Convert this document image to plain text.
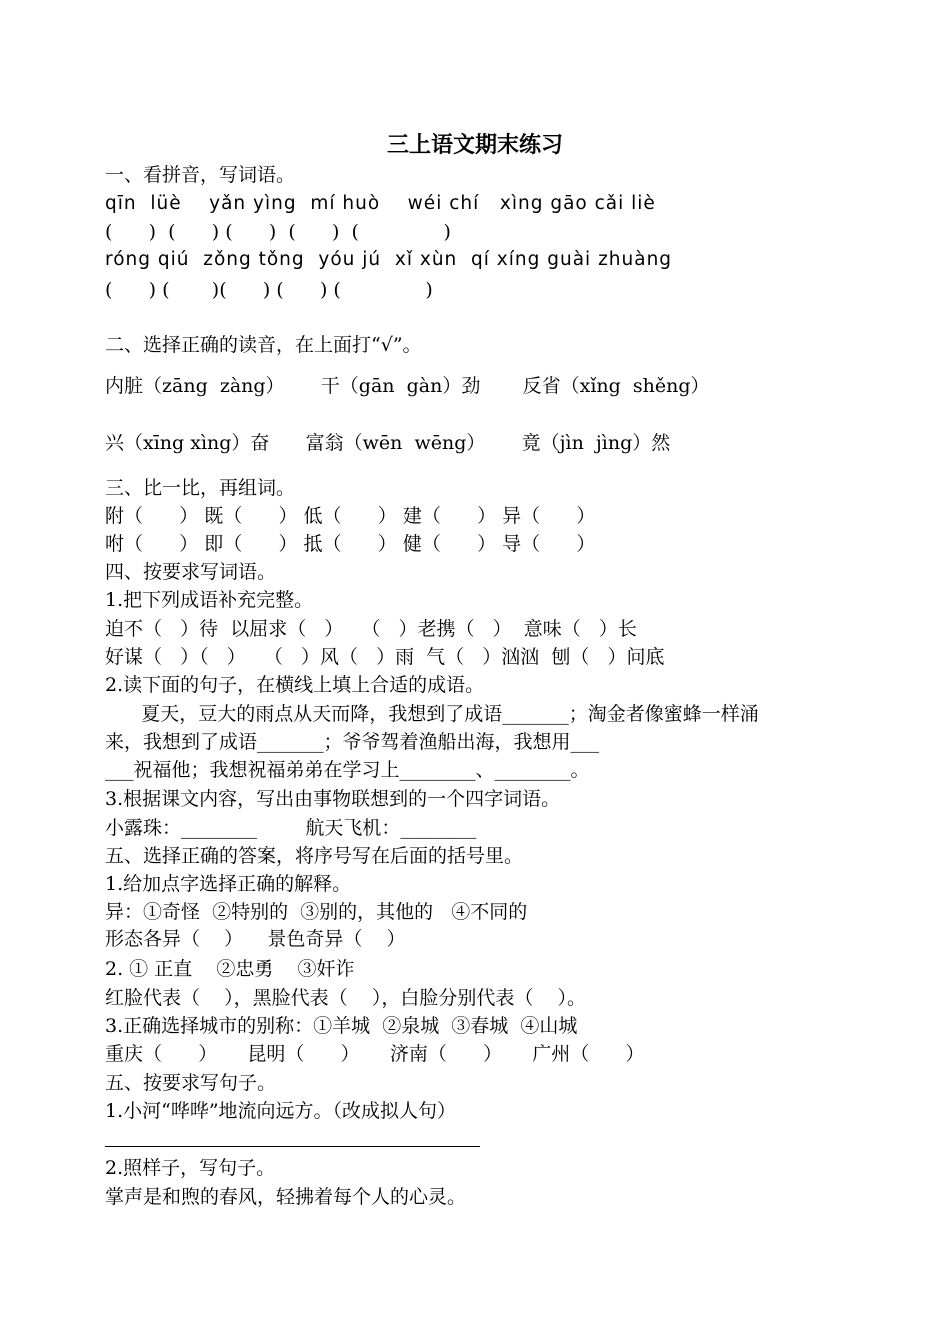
三上语文期末练习
一、看拼音，写词语。
qīn  lüè    yǎn yìng  mí huò    wéi chí   xìng gāo cǎi liè
(      )  (      ) (      )  (      )  (              )
róng qiú  zǒng tǒng  yóu jú  xǐ xùn  qí xíng guài zhuàng
(      ) (       )(      ) (      ) (              )
二、选择正确的读音，在上面打“√”。
内脏（zāng  zàng）      干（gān  gàn）劲       反省（xǐng  shěng）
兴（xīng xìng）奋      富翁（wēn  wēng）      竟（jìn  jìng）然
三、比一比，再组词。
附（      ） 既（      ） 低（      ） 建（      ） 异（      ）
咐（      ） 即（      ） 抵（      ） 健（      ） 导（      ）
四、按要求写词语。
1.把下列成语补充完整。
迫不（   ）待  以屈求（   ）   （   ）老携（   ）  意味（   ）长
好谋（   ）（   ）   （   ）风（   ）雨  气（   ）汹汹  刨（   ）问底
2.读下面的句子，在横线上填上合适的成语。
夏天，豆大的雨点从天而降，我想到了成语_______；淘金者像蜜蜂一样涌
来，我想到了成语_______；爷爷驾着渔船出海，我想用___
___祝福他；我想祝福弟弟在学习上________、________。
3.根据课文内容，写出由事物联想到的一个四字词语。
小露珠：________        航天飞机：________
五、选择正确的答案，将序号写在后面的括号里。
1.给加点字选择正确的解释。
异：①奇怪  ②特别的  ③别的，其他的   ④不同的
形态各异（    ）    景色奇异（    ）
2. ① 正直    ②忠勇    ③奸诈
红脸代表（    ），黑脸代表（    ），白脸分别代表（    ）。
3.正确选择城市的别称：①羊城  ②泉城  ③春城  ④山城
重庆（      ）     昆明（      ）     济南（      ）     广州（      ）
五、按要求写句子。
1.小河“哗哗”地流向远方。（改成拟人句）
2.照样子，写句子。
掌声是和煦的春风，轻拂着每个人的心灵。
